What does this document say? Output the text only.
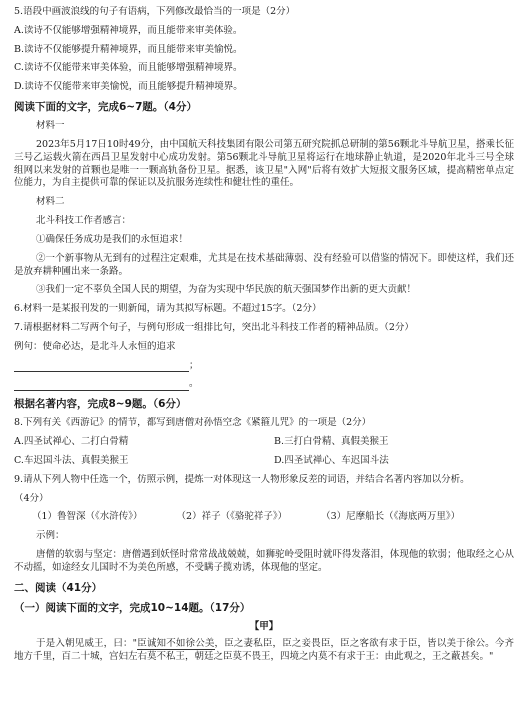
5.语段中画波浪线的句子有语病，下列修改最恰当的一项是（2分）

A.读诗不仅能够增强精神境界，而且能带来审美体验。

B.读诗不仅能够提升精神境界，而且能带来审美愉悦。

C.读诗不仅能带来审美体验，而且能够增强精神境界。

D.读诗不仅能带来审美愉悦，而且能够提升精神境界。

阅读下面的文字，完成6~7题。（4分）

材料一

2023年5月17日10时49分，由中国航天科技集团有限公司第五研究院抓总研制的第56颗北斗导航卫星，搭乘长征三号乙运载火箭在西昌卫星发射中心成功发射。第56颗北斗导航卫星将运行在地球静止轨道，是2020年北斗三号全球组网以来发射的首颗也是唯一一颗高轨备份卫星。据悉，该卫星"入网"后将有效扩大短报文服务区域，提高精密单点定位能力，为自主提供可靠的保证以及抗服务连续性和健壮性的重任。

材料二

北斗科技工作者感言：

①确保任务成功是我们的永恒追求！

②一个新事物从无到有的过程注定艰难，尤其是在技术基础薄弱、没有经验可以借鉴的情况下。即使这样，我们还是放弃耕种圃出来一条路。

③我们一定不辜负全国人民的期望，为奋为实现中华民族的航天强国梦作出新的更大贡献！

6.材料一是某报刊发的一则新闻，请为其拟写标题。不超过15字。（2分）

7.请根据材料二写两个句子，与例句形成一组排比句，突出北斗科技工作者的精神品质。（2分）

例句：使命必达，是北斗人永恒的追求

；

。

根据名著内容，完成8~9题。（6分）

8.下列有关《西游记》的情节，都写到唐僧对孙悟空念《紧箍儿咒》的一项是（2分）

A.四圣试禅心、二打白骨精	B.三打白骨精、真假美猴王
C.车迟国斗法、真假美猴王	D.四圣试禅心、车迟国斗法

9.请从下列人物中任选一个，仿照示例，提炼一对体现这一人物形象反差的词语，并结合名著内容加以分析。

（4分）

（1）鲁智深（《水浒传》）	（2）祥子（《骆驼祥子》）	（3）尼摩船长（《海底两万里》）

示例：

唐僧的软弱与坚定：唐僧遇到妖怪时常常战战兢兢，如狮驼岭受阻时就吓得发落泪，体现他的软弱；他取经之心从不动摇，如途经女儿国时不为美色所感，不受瞒子揽劝诱，体现他的坚定。

二、阅读（41分）

（一）阅读下面的文字，完成10~14题。（17分）

【甲】

于是入朝见威王，曰："臣诚知不如徐公美，臣之妻私臣，臣之妾畏臣，臣之客欲有求于臣，皆以美于徐公。今齐地方千里，百二十城，宫妇左右莫不私王，朝廷之臣莫不畏王，四境之内莫不有求于王：由此观之，王之蔽甚矣。"
